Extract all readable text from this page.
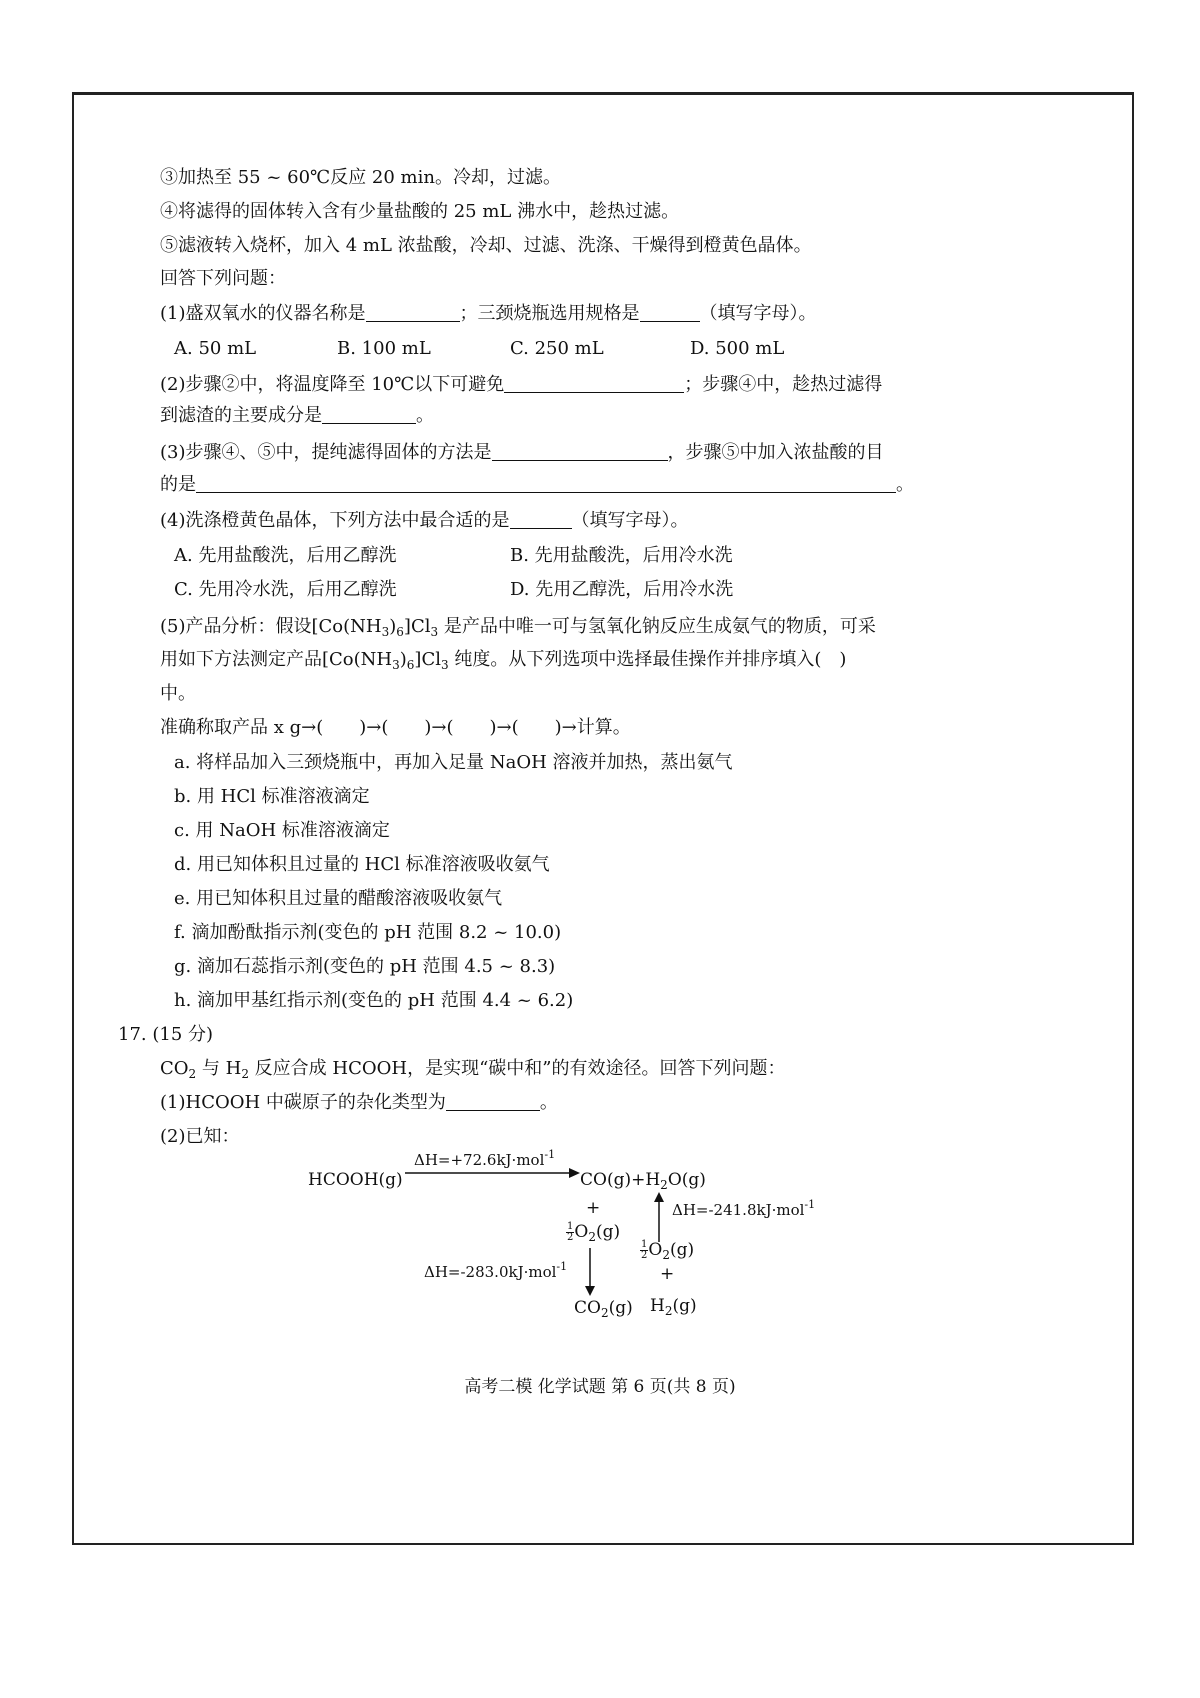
③加热至 55 ~ 60℃反应 20 min。冷却，过滤。
④将滤得的固体转入含有少量盐酸的 25 mL 沸水中，趁热过滤。
⑤滤液转入烧杯，加入 4 mL 浓盐酸，冷却、过滤、洗涤、干燥得到橙黄色晶体。
回答下列问题：
(1)盛双氧水的仪器名称是	；三颈烧瓶选用规格是	（填写字母）。
A. 50 mL	B. 100 mL	C. 250 mL	D. 500 mL
(2)步骤②中，将温度降至 10℃以下可避免	；步骤④中，趁热过滤得
到滤渣的主要成分是	。
(3)步骤④、⑤中，提纯滤得固体的方法是	，步骤⑤中加入浓盐酸的目
的是	。
(4)洗涤橙黄色晶体，下列方法中最合适的是	（填写字母）。
A. 先用盐酸洗，后用乙醇洗	B. 先用盐酸洗，后用冷水洗
C. 先用冷水洗，后用乙醇洗	D. 先用乙醇洗，后用冷水洗
(5)产品分析：假设$[Co(NH_3)_6]Cl_3$ 是产品中唯一可与氢氧化钠反应生成氨气的物质，可采
用如下方法测定产品$[Co(NH_3)_6]Cl_3$ 纯度。从下列选项中选择最佳操作并排序填入(　)
中。
准确称取产品 x g→(　　)→(　　)→(　　)→(　　)→计算。
a. 将样品加入三颈烧瓶中，再加入足量 NaOH 溶液并加热，蒸出氨气
b. 用 HCl 标准溶液滴定
c. 用 NaOH 标准溶液滴定
d. 用已知体积且过量的 HCl 标准溶液吸收氨气
e. 用已知体积且过量的醋酸溶液吸收氨气
f. 滴加酚酞指示剂(变色的 pH 范围 8.2 ~ 10.0)
g. 滴加石蕊指示剂(变色的 pH 范围 4.5 ~ 8.3)
h. 滴加甲基红指示剂(变色的 pH 范围 4.4 ~ 6.2)
17. (15 分)
$CO_2$ 与 $H_2$ 反应合成 HCOOH，是实现“碳中和”的有效途径。回答下列问题：
(1)HCOOH 中碳原子的杂化类型为	。
(2)已知：
HCOOH(g)
ΔH=+72.6kJ·mol$^{-1}$
$CO(g)+H_2O(g)$
+
$\frac{1}{2} O_2(g)$
ΔH=-241.8kJ·mol$^{-1}$
$\frac{1}{2} O_2(g)$
+
ΔH=-283.0kJ·mol$^{-1}$
$CO_2(g)$ $H_2(g)$
高考二模 化学试题 第 6 页(共 8 页)
